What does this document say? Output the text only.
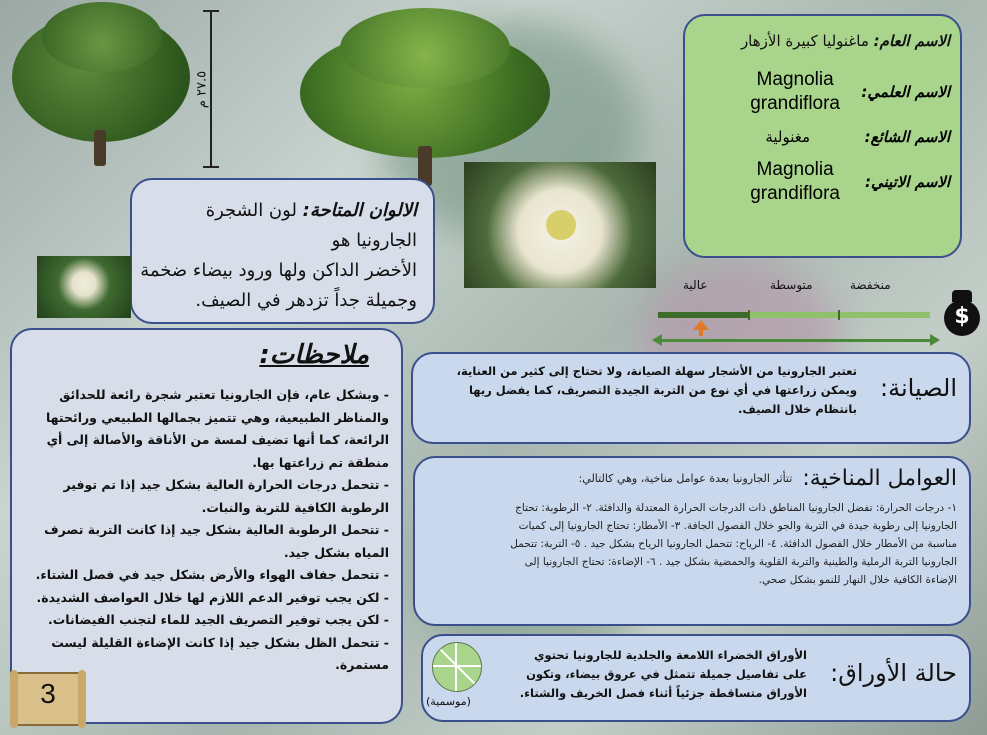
٢٧.٥ م
الاسم العام: ماغنوليا كبيرة الأزهار
الاسم العلمي:
Magnolia
grandiflora
الاسم الشائع:
مغنولية
الاسم الاتيني:
Magnolia
grandiflora
الالوان المتاحة: لون الشجرة الجارونيا هو
الأخضر الداكن ولها ورود بيضاء ضخمة
وجميلة جداً تزدهر في الصيف.
منخفضة
متوسطة
عالية
$
الصيانة:
تعتبر الجارونيا من الأشجار سهلة الصيانة، ولا تحتاج إلى كثير من العناية،
ويمكن زراعتها في أي نوع من التربة الجيدة التصريف، كما يفضل ريها
بانتظام خلال الصيف.
العوامل المناخية:
تتأثر الجارونيا بعدة عوامل مناخية، وهي كالتالي:
١- درجات الحرارة: تفضل الجارونيا المناطق ذات الدرجات الحرارة المعتدلة والدافئة. ٢- الرطوبة: تحتاج
الجارونيا إلى رطوبة جيدة في التربة والجو خلال الفصول الجافة. ٣- الأمطار: تحتاج الجارونيا إلى كميات
مناسبة من الأمطار خلال الفصول الدافئة. ٤- الرياح: تتحمل الجارونيا الرياح بشكل جيد . ٥- التربة: تتحمل
الجارونيا التربة الرملية والطينية والتربة القلوية والحمضية بشكل جيد . ٦- الإضاءة: تحتاج الجارونيا إلى
الإضاءة الكافية خلال النهار للنمو بشكل صحي.
حالة الأوراق:
الأوراق الخضراء اللامعة والجلدية للجارونيا تحتوي
على تفاصيل جميلة تتمثل في عروق بيضاء، وتكون
الأوراق متساقطة جزئياً أثناء فصل الخريف والشتاء.
(موسمية)
ملاحظات:
- وبشكل عام، فإن الجارونيا تعتبر شجرة رائعة للحدائق
والمناظر الطبيعية، وهي تتميز بجمالها الطبيعي ورائحتها
الرائعة، كما أنها تضيف لمسة من الأناقة والأصالة إلى أي
منطقة تم زراعتها بها.
- تتحمل درجات الحرارة العالية بشكل جيد إذا تم توفير
الرطوبة الكافية للتربة والنبات.
- تتحمل الرطوبة العالية بشكل جيد إذا كانت التربة تصرف
المياه بشكل جيد.
- تتحمل جفاف الهواء والأرض بشكل جيد في فصل الشتاء.
- لكن يجب توفير الدعم اللازم لها خلال العواصف الشديدة.
- لكن يجب توفير التصريف الجيد للماء لتجنب الفيضانات.
- تتحمل الظل بشكل جيد إذا كانت الإضاءة القليلة ليست
مستمرة.
3
